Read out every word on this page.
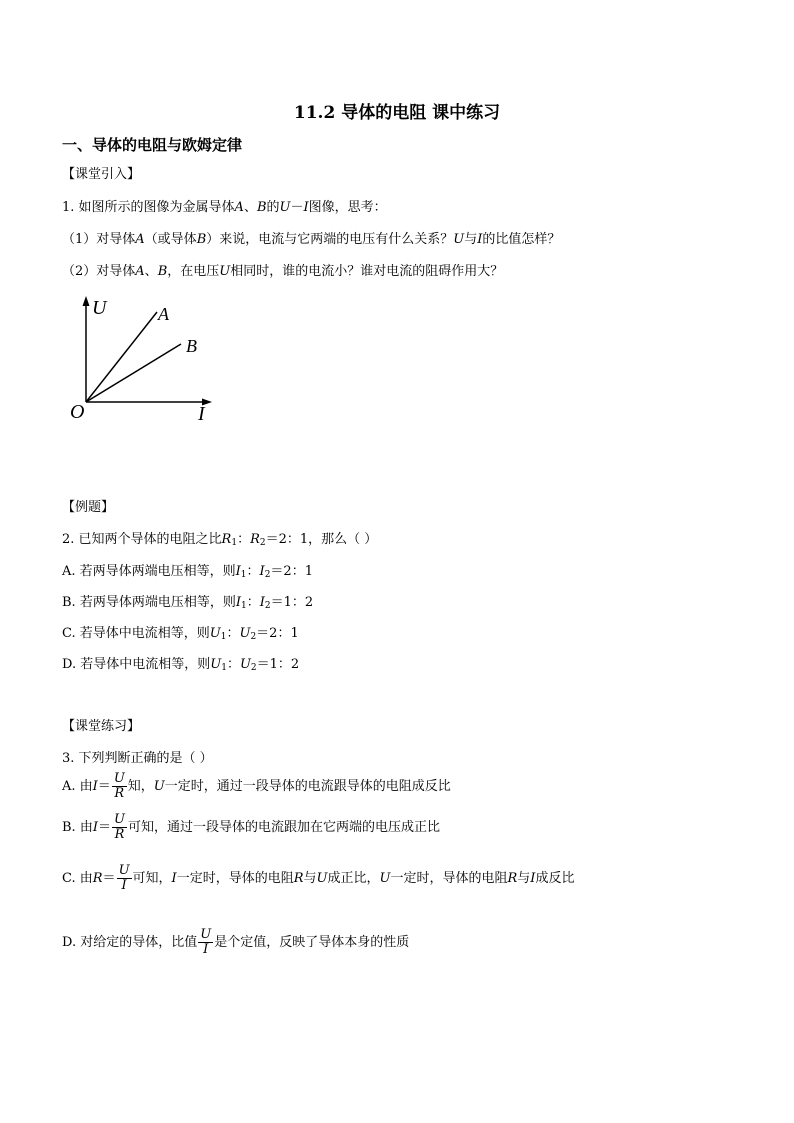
11.2 导体的电阻 课中练习
一、导体的电阻与欧姆定律
【课堂引入】
1. 如图所示的图像为金属导体A、B的U－I图像，思考：
（1）对导体A（或导体B）来说，电流与它两端的电压有什么关系？U与I的比值怎样？
（2）对导体A、B，在电压U相同时，谁的电流小？谁对电流的阻碍作用大？
U	A
B
O	I
【例题】
2. 已知两个导体的电阻之比$R_1$：$R_2=2$：1，那么（ ）
A. 若两导体两端电压相等，则$I_1$：$I_2=2$：1
B. 若两导体两端电压相等，则$I_1$：$I_2=1$：2
C. 若导体中电流相等，则$U_1$：$U_2=2$：1
D. 若导体中电流相等，则$U_1$：$U_2=1$：2
【课堂练习】
3. 下列判断正确的是（ ）
A. 由$I= \frac{U}{R}$ 知，U一定时，通过一段导体的电流跟导体的电阻成反比
B. 由$I= \frac{U}{R}$ 可知，通过一段导体的电流跟加在它两端的电压成正比
C. 由$R= \frac{U}{I}$ 可知，I一定时，导体的电阻R与U成正比，U一定时，导体的电阻R与I成反比
D. 对给定的导体，比值 $\frac{U}{I}$ 是个定值，反映了导体本身的性质
